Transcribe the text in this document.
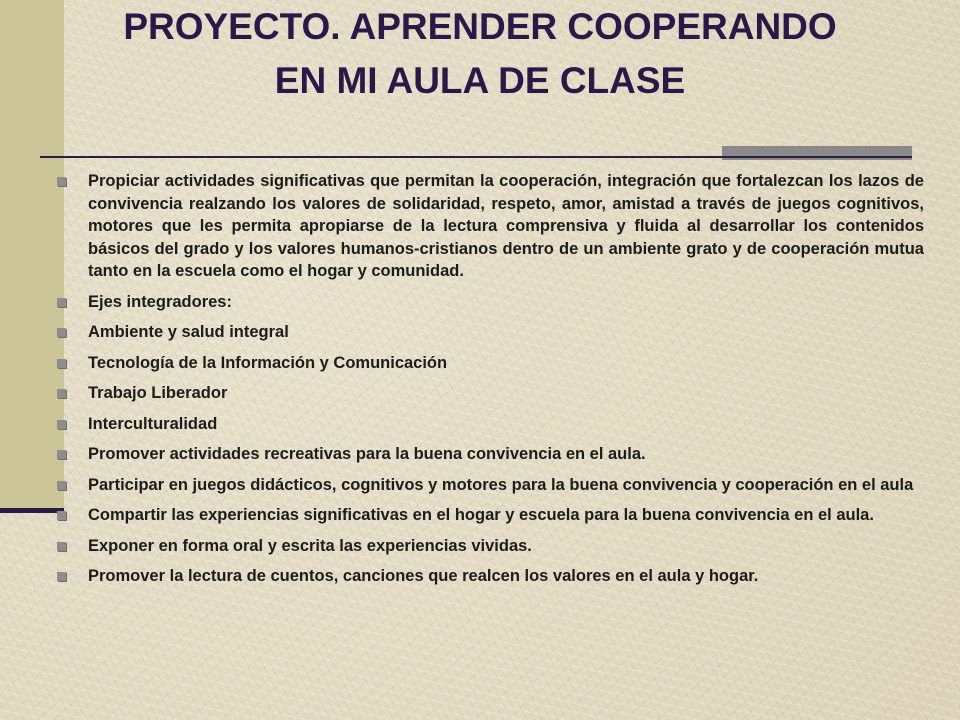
PROYECTO. APRENDER COOPERANDO
EN MI AULA DE CLASE
Propiciar actividades significativas que permitan la cooperación, integración que fortalezcan los lazos de convivencia realzando los valores de solidaridad, respeto, amor, amistad a través de juegos cognitivos, motores que les permita apropiarse de la lectura comprensiva y fluida al desarrollar los contenidos básicos del grado y los valores humanos-cristianos dentro de un ambiente grato y de cooperación mutua tanto en la escuela como el hogar y comunidad.
Ejes integradores:
Ambiente y salud integral
Tecnología de la Información y Comunicación
Trabajo Liberador
Interculturalidad
Promover actividades recreativas para la buena convivencia en el aula.
Participar en juegos didácticos, cognitivos y motores para la buena convivencia y cooperación en el aula
Compartir las experiencias significativas en el hogar y escuela para la buena convivencia en el aula.
Exponer en forma oral y escrita las experiencias vividas.
Promover la lectura de cuentos, canciones que realcen los valores en el aula y hogar.
